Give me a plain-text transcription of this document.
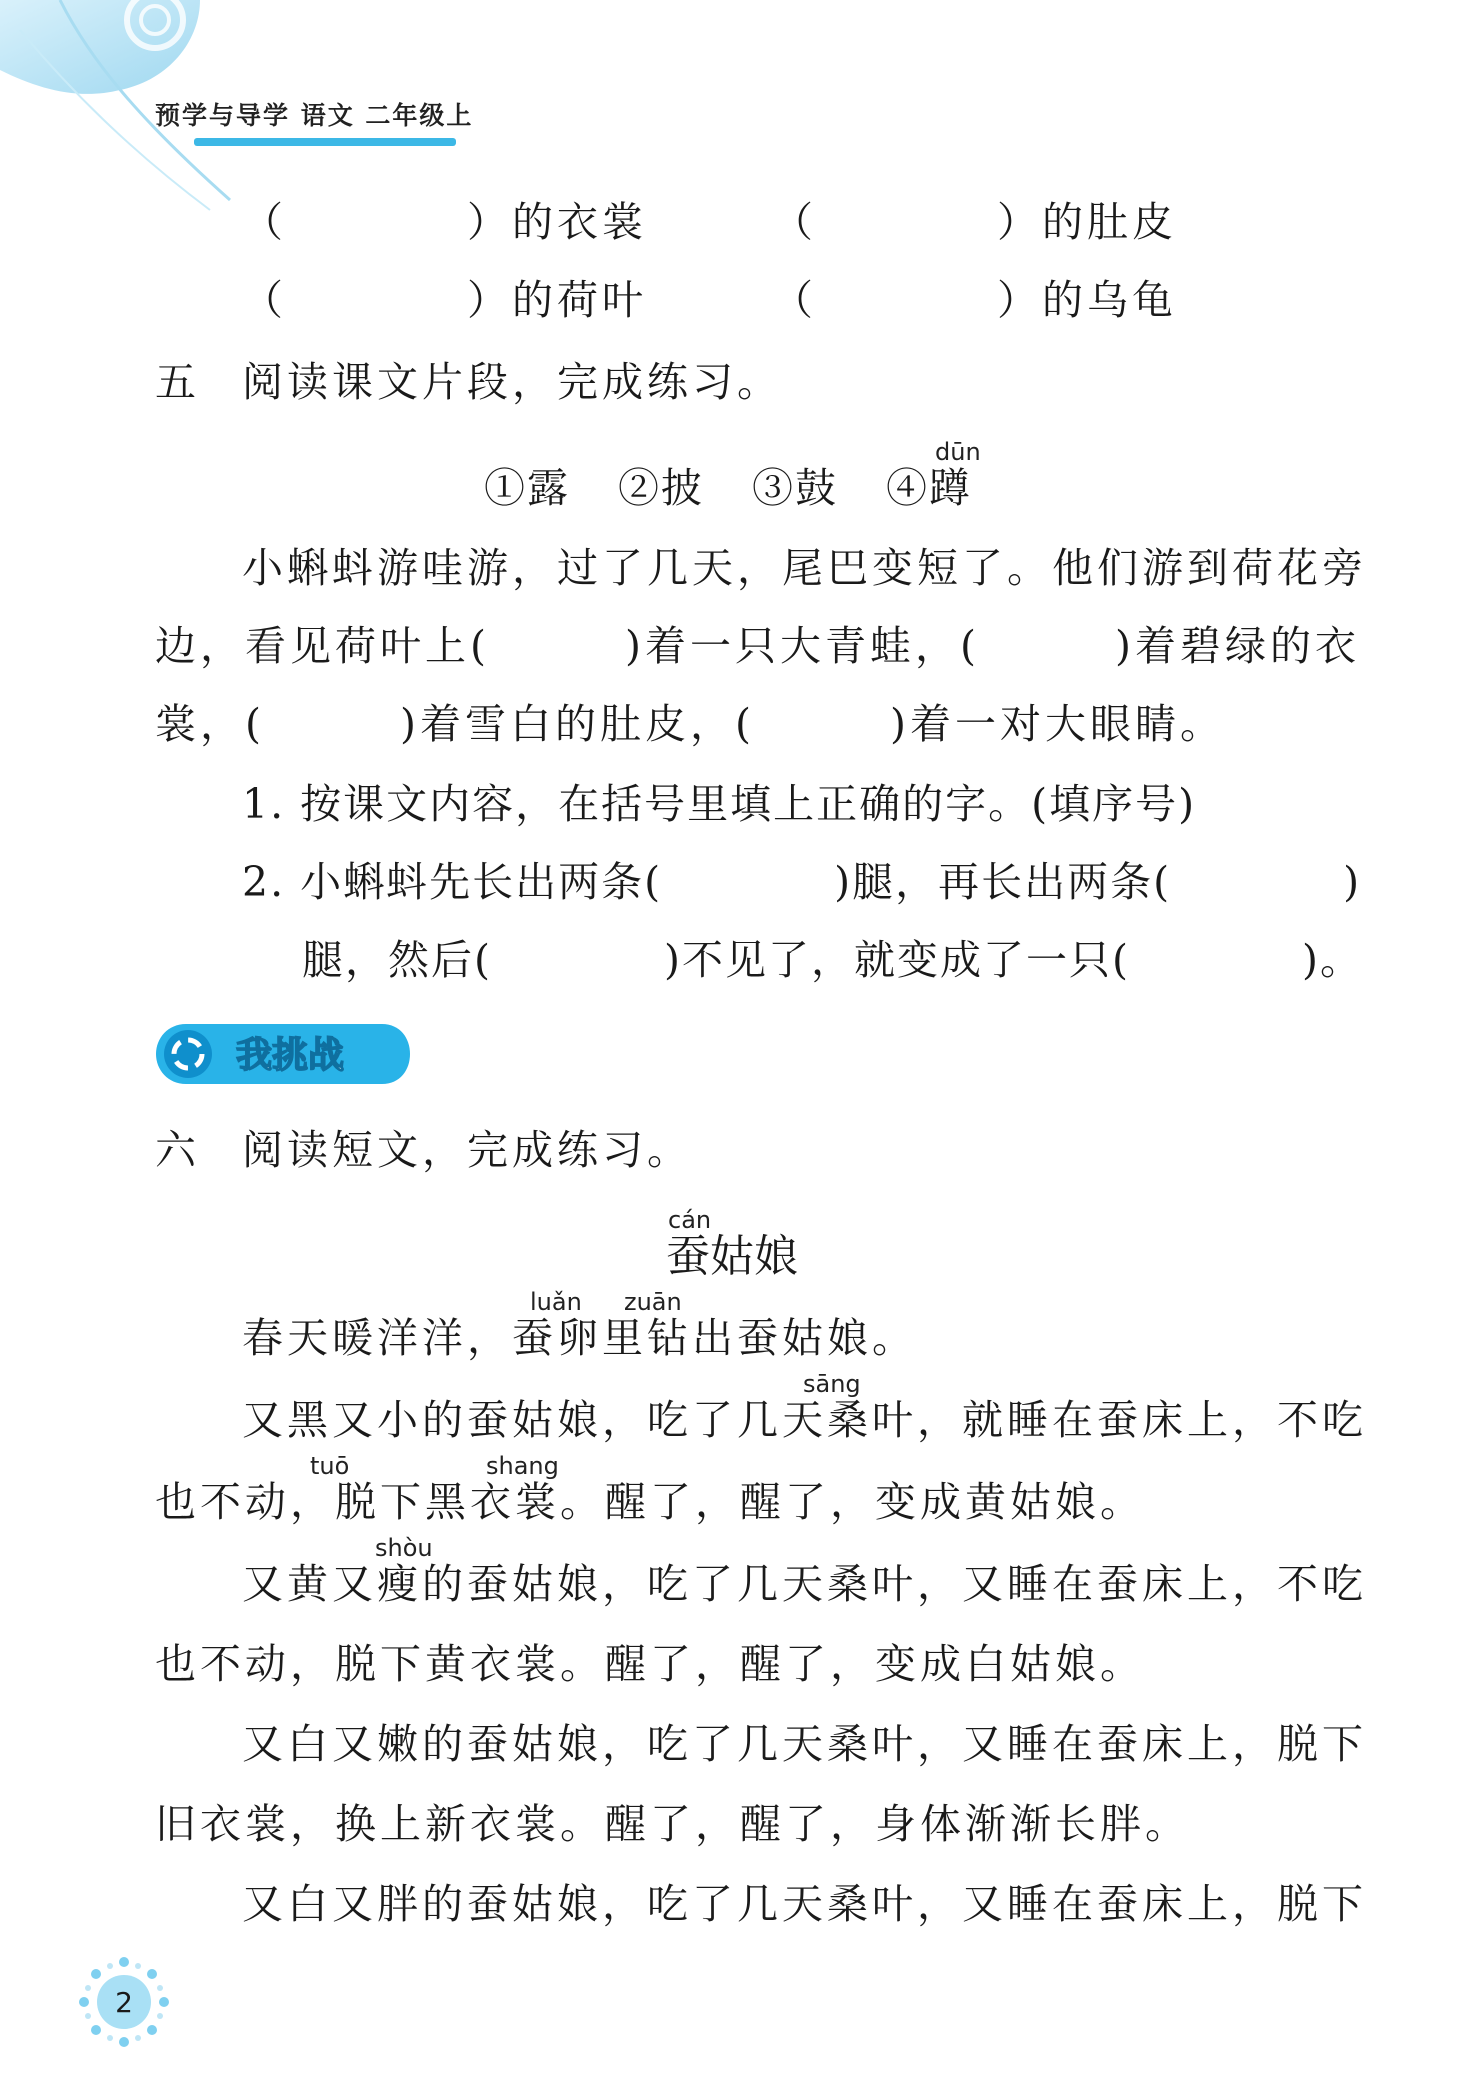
预学与导学 语文 二年级上
（　　　　）的衣裳	（　　　　）的肚皮
（　　　　）的荷叶	（　　　　）的乌龟
五 阅读课文片段，完成练习。
①露 ②披 ③鼓 ④蹲
dūn
小蝌蚪游哇游，过了几天，尾巴变短了。他们游到荷花旁
边，看见荷叶上(　　　)着一只大青蛙，(　　　)着碧绿的衣
裳，(　　　)着雪白的肚皮，(　　　)着一对大眼睛。
1. 按课文内容，在括号里填上正确的字。(填序号)
2. 小蝌蚪先长出两条(　　　　)腿，再长出两条(　　　　)
腿，然后(　　　　)不见了，就变成了一只(　　　　)。
我挑战
六 阅读短文，完成练习。
cán
蚕姑娘
luǎn zuān
春天暖洋洋，蚕卵里钻出蚕姑娘。
sāng
又黑又小的蚕姑娘，吃了几天桑叶，就睡在蚕床上，不吃
tuō	shang
也不动，脱下黑衣裳。醒了，醒了，变成黄姑娘。
shòu
又黄又瘦的蚕姑娘，吃了几天桑叶，又睡在蚕床上，不吃
也不动，脱下黄衣裳。醒了，醒了，变成白姑娘。
又白又嫩的蚕姑娘，吃了几天桑叶，又睡在蚕床上，脱下
旧衣裳，换上新衣裳。醒了，醒了，身体渐渐长胖。
又白又胖的蚕姑娘，吃了几天桑叶，又睡在蚕床上，脱下
2
